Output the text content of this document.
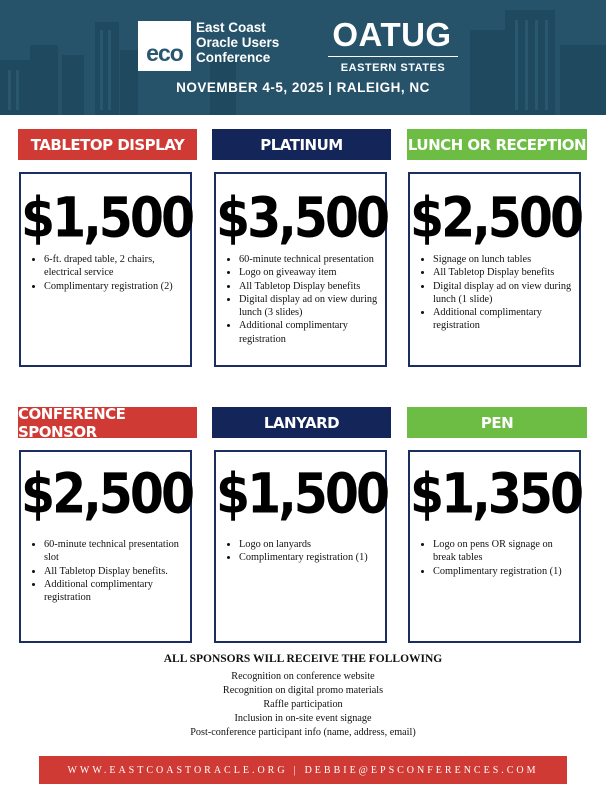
eco
East Coast
Oracle Users
Conference
OATUG
EASTERN STATES
NOVEMBER 4-5, 2025 | RALEIGH, NC
TABLETOP DISPLAY	PLATINUM	LUNCH OR RECEPTION
$1,500
• 6-ft. draped table, 2 chairs, electrical service
• Complimentary registration (2)
$3,500
• 60-minute technical presentation
• Logo on giveaway item
• All Tabletop Display benefits
• Digital display ad on view during lunch (3 slides)
• Additional complimentary registration
$2,500
• Signage on lunch tables
• All Tabletop Display benefits
• Digital display ad on view during lunch (1 slide)
• Additional complimentary registration
CONFERENCE SPONSOR	LANYARD	PEN
$2,500
• 60-minute technical presentation slot
• All Tabletop Display benefits.
• Additional complimentary registration
$1,500
• Logo on lanyards
• Complimentary registration (1)
$1,350
• Logo on pens OR signage on break tables
• Complimentary registration (1)
ALL SPONSORS WILL RECEIVE THE FOLLOWING
Recognition on conference website
Recognition on digital promo materials
Raffle participation
Inclusion in on-site event signage
Post-conference participant info (name, address, email)
WWW.EASTCOASTORACLE.ORG | DEBBIE@EPSCONFERENCES.COM
